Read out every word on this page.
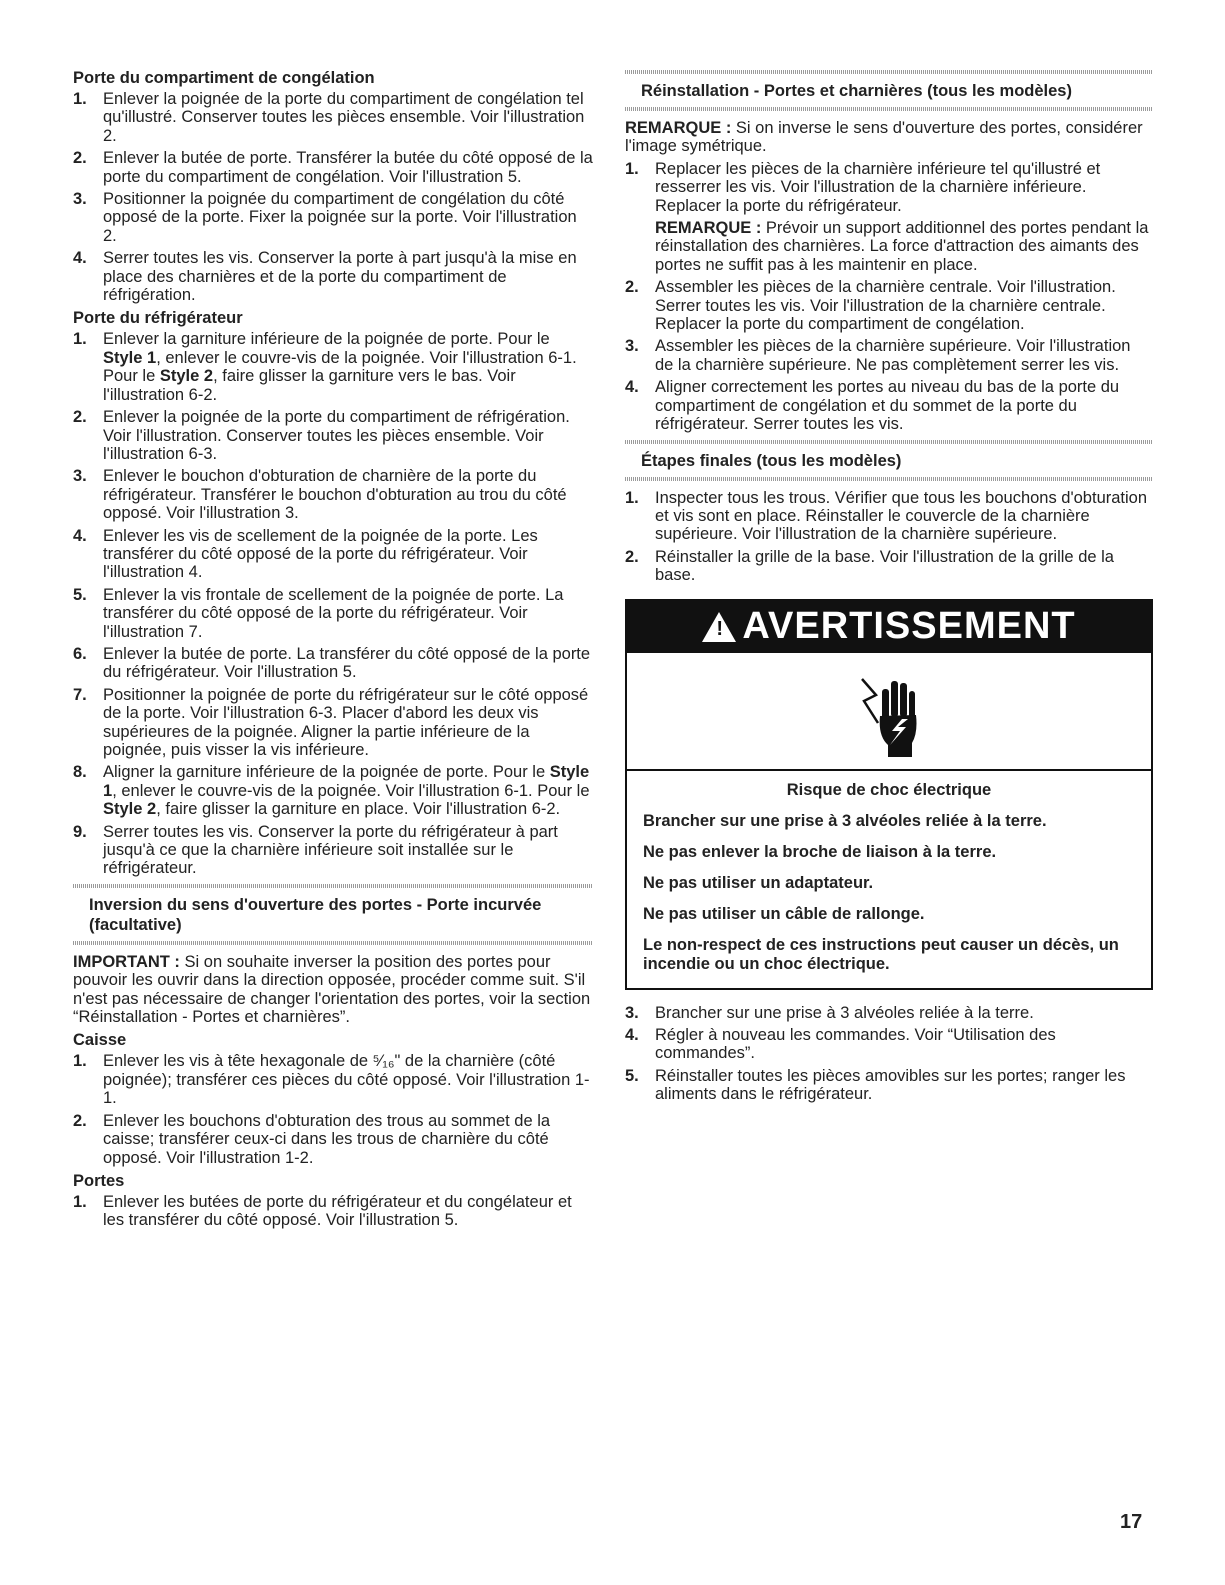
Porte du compartiment de congélation
1. Enlever la poignée de la porte du compartiment de congélation tel qu'illustré. Conserver toutes les pièces ensemble. Voir l'illustration 2.
2. Enlever la butée de porte. Transférer la butée du côté opposé de la porte du compartiment de congélation. Voir l'illustration 5.
3. Positionner la poignée du compartiment de congélation du côté opposé de la porte. Fixer la poignée sur la porte. Voir l'illustration 2.
4. Serrer toutes les vis. Conserver la porte à part jusqu'à la mise en place des charnières et de la porte du compartiment de réfrigération.
Porte du réfrigérateur
1. Enlever la garniture inférieure de la poignée de porte. Pour le Style 1, enlever le couvre-vis de la poignée. Voir l'illustration 6-1. Pour le Style 2, faire glisser la garniture vers le bas. Voir l'illustration 6-2.
2. Enlever la poignée de la porte du compartiment de réfrigération. Voir l'illustration. Conserver toutes les pièces ensemble. Voir l'illustration 6-3.
3. Enlever le bouchon d'obturation de charnière de la porte du réfrigérateur. Transférer le bouchon d'obturation au trou du côté opposé. Voir l'illustration 3.
4. Enlever les vis de scellement de la poignée de la porte. Les transférer du côté opposé de la porte du réfrigérateur. Voir l'illustration 4.
5. Enlever la vis frontale de scellement de la poignée de porte. La transférer du côté opposé de la porte du réfrigérateur. Voir l'illustration 7.
6. Enlever la butée de porte. La transférer du côté opposé de la porte du réfrigérateur. Voir l'illustration 5.
7. Positionner la poignée de porte du réfrigérateur sur le côté opposé de la porte. Voir l'illustration 6-3. Placer d'abord les deux vis supérieures de la poignée. Aligner la partie inférieure de la poignée, puis visser la vis inférieure.
8. Aligner la garniture inférieure de la poignée de porte. Pour le Style 1, enlever le couvre-vis de la poignée. Voir l'illustration 6-1. Pour le Style 2, faire glisser la garniture en place. Voir l'illustration 6-2.
9. Serrer toutes les vis. Conserver la porte du réfrigérateur à part jusqu'à ce que la charnière inférieure soit installée sur le réfrigérateur.
Inversion du sens d'ouverture des portes - Porte incurvée (facultative)

IMPORTANT : Si on souhaite inverser la position des portes pour pouvoir les ouvrir dans la direction opposée, procéder comme suit. S'il n'est pas nécessaire de changer l'orientation des portes, voir la section “Réinstallation - Portes et charnières”.

Caisse
1. Enlever les vis à tête hexagonale de ⁵⁄₁₆" de la charnière (côté poignée); transférer ces pièces du côté opposé. Voir l'illustration 1-1.
2. Enlever les bouchons d'obturation des trous au sommet de la caisse; transférer ceux-ci dans les trous de charnière du côté opposé. Voir l'illustration 1-2.
Portes
1. Enlever les butées de porte du réfrigérateur et du congélateur et les transférer du côté opposé. Voir l'illustration 5.
Réinstallation - Portes et charnières (tous les modèles)

REMARQUE : Si on inverse le sens d'ouverture des portes, considérer l'image symétrique.

1. Replacer les pièces de la charnière inférieure tel qu'illustré et resserrer les vis. Voir l'illustration de la charnière inférieure. Replacer la porte du réfrigérateur.

REMARQUE : Prévoir un support additionnel des portes pendant la réinstallation des charnières. La force d'attraction des aimants des portes ne suffit pas à les maintenir en place.

2. Assembler les pièces de la charnière centrale. Voir l'illustration. Serrer toutes les vis. Voir l'illustration de la charnière centrale. Replacer la porte du compartiment de congélation.
3. Assembler les pièces de la charnière supérieure. Voir l'illustration de la charnière supérieure. Ne pas complètement serrer les vis.
4. Aligner correctement les portes au niveau du bas de la porte du compartiment de congélation et du sommet de la porte du réfrigérateur. Serrer toutes les vis.
Étapes finales (tous les modèles)
1. Inspecter tous les trous. Vérifier que tous les bouchons d'obturation et vis sont en place. Réinstaller le couvercle de la charnière supérieure. Voir l'illustration de la charnière supérieure.
2. Réinstaller la grille de la base. Voir l'illustration de la grille de la base.
! AVERTISSEMENT
Risque de choc électrique
Brancher sur une prise à 3 alvéoles reliée à la terre.
Ne pas enlever la broche de liaison à la terre.
Ne pas utiliser un adaptateur.
Ne pas utiliser un câble de rallonge.
Le non-respect de ces instructions peut causer un décès, un incendie ou un choc électrique.
3. Brancher sur une prise à 3 alvéoles reliée à la terre.
4. Régler à nouveau les commandes. Voir “Utilisation des commandes”.
5. Réinstaller toutes les pièces amovibles sur les portes; ranger les aliments dans le réfrigérateur.
17
